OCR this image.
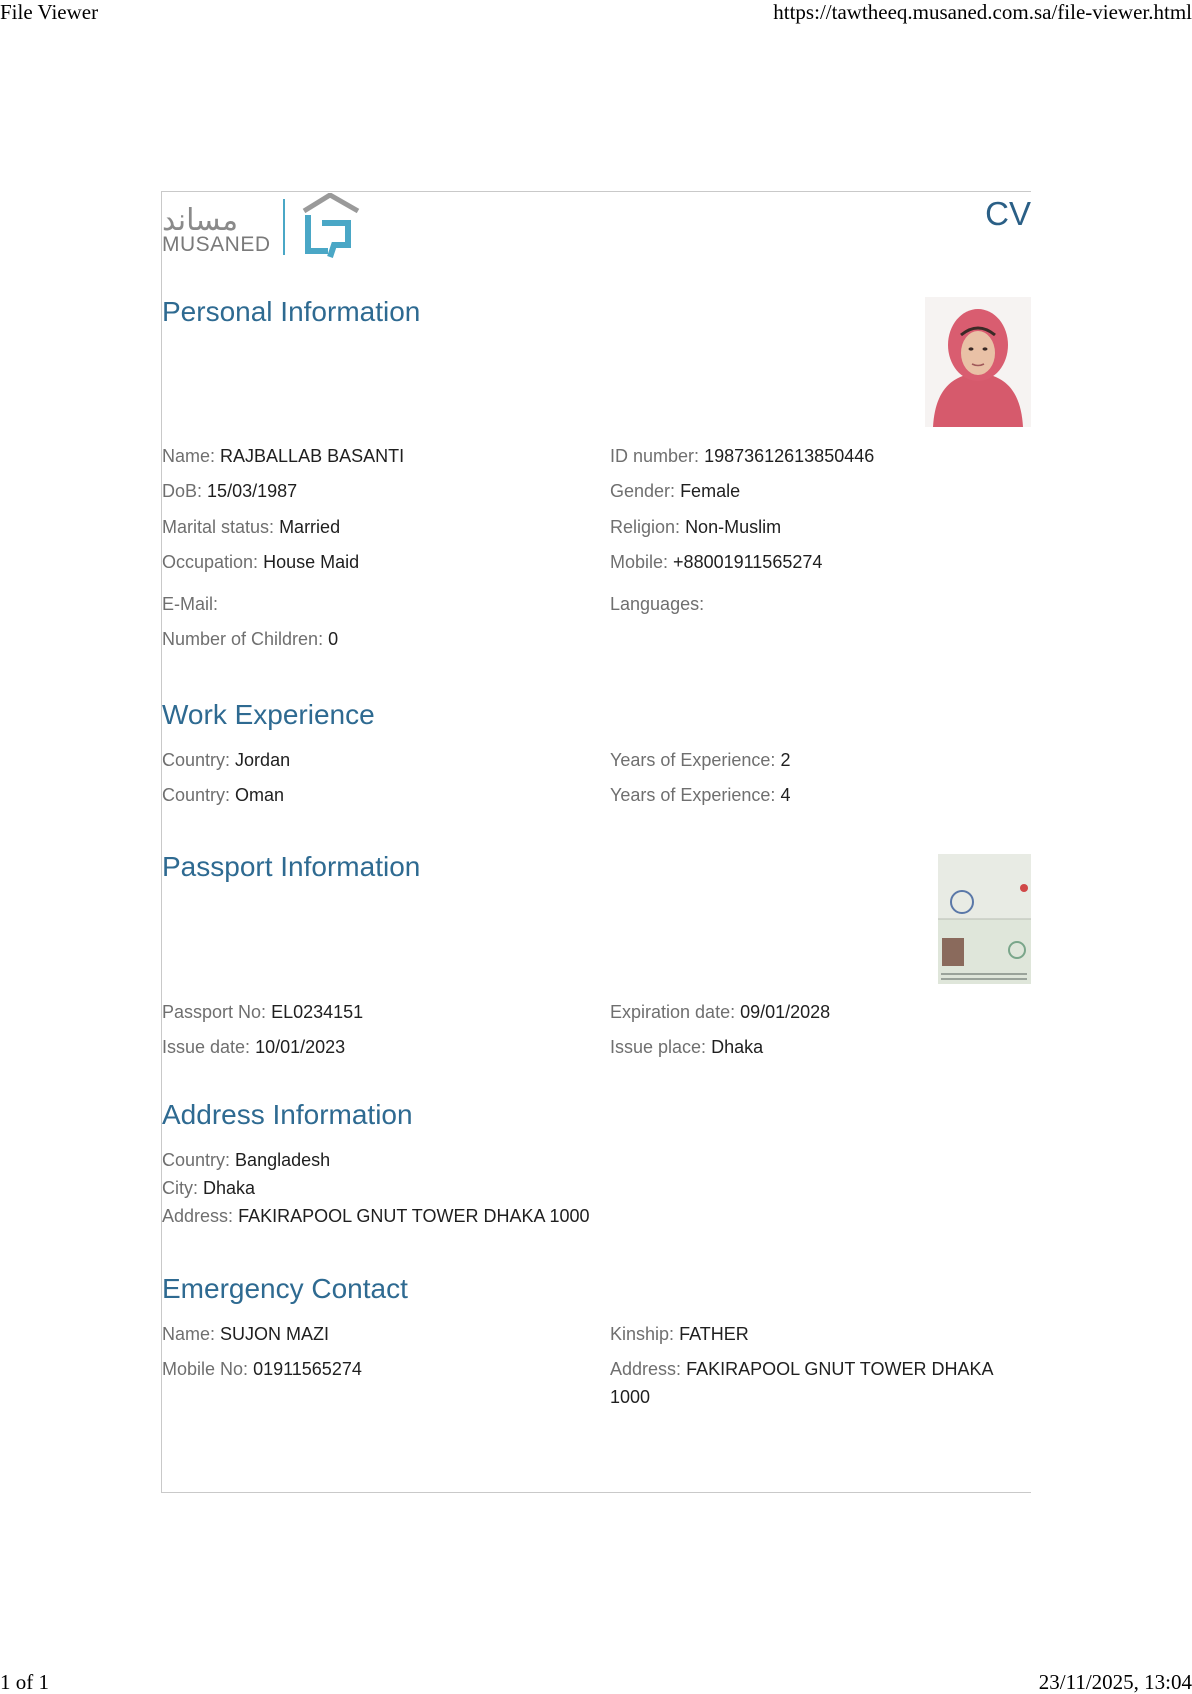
File Viewer	https://tawtheeq.musaned.com.sa/file-viewer.html
1 of 1	23/11/2025, 13:04
مساند
MUSANED
CV
Personal Information
Name: RAJBALLAB BASANTI	ID number: 19873612613850446
DoB: 15/03/1987	Gender: Female
Marital status: Married	Religion: Non-Muslim
Occupation: House Maid	Mobile: +88001911565274
E-Mail:	Languages:
Number of Children: 0
Work Experience
Country: Jordan	Years of Experience: 2
Country: Oman	Years of Experience: 4
Passport Information
Passport No: EL0234151	Expiration date: 09/01/2028
Issue date: 10/01/2023	Issue place: Dhaka
Address Information
Country: Bangladesh
City: Dhaka
Address: FAKIRAPOOL GNUT TOWER DHAKA 1000
Emergency Contact
Name: SUJON MAZI	Kinship: FATHER
Mobile No: 01911565274	Address: FAKIRAPOOL GNUT TOWER DHAKA 1000
